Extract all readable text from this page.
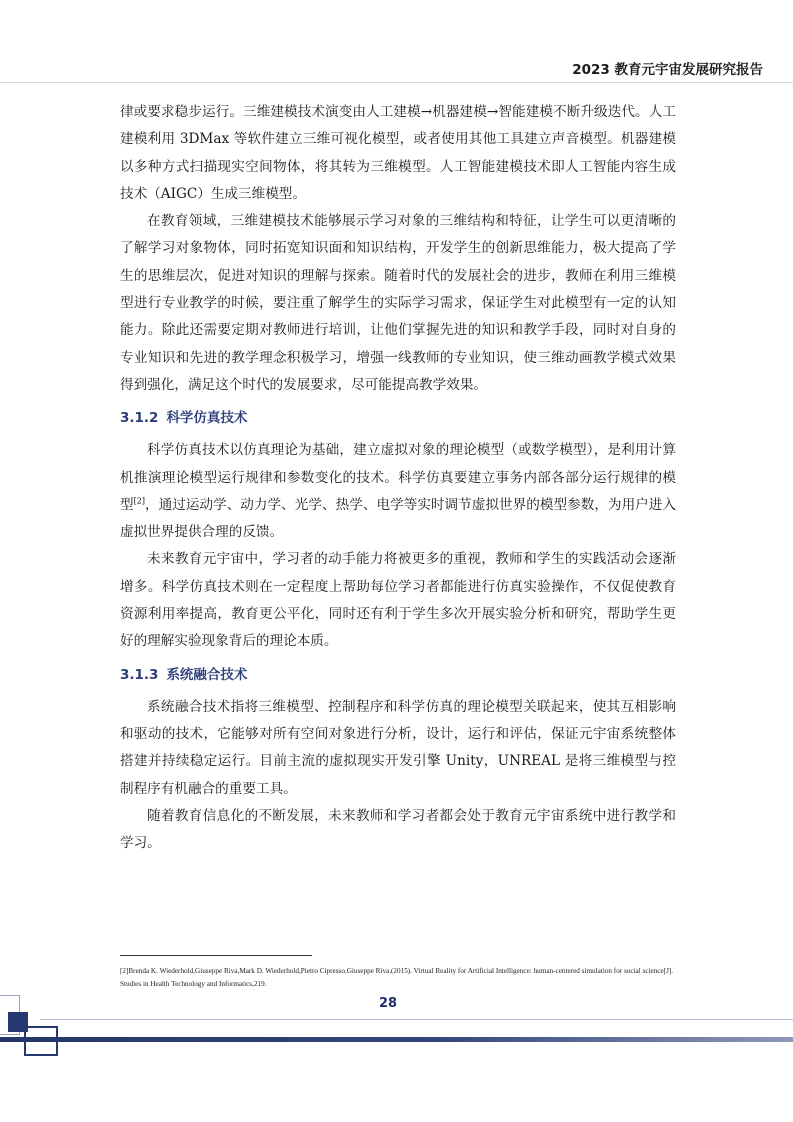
2023 教育元宇宙发展研究报告

律或要求稳步运行。三维建模技术演变由人工建模→机器建模→智能建模不断升级迭代。人工建模利用 3DMax 等软件建立三维可视化模型，或者使用其他工具建立声音模型。机器建模以多种方式扫描现实空间物体，将其转为三维模型。人工智能建模技术即人工智能内容生成技术（AIGC）生成三维模型。

在教育领域，三维建模技术能够展示学习对象的三维结构和特征，让学生可以更清晰的了解学习对象物体，同时拓宽知识面和知识结构，开发学生的创新思维能力，极大提高了学生的思维层次，促进对知识的理解与探索。随着时代的发展社会的进步，教师在利用三维模型进行专业教学的时候，要注重了解学生的实际学习需求，保证学生对此模型有一定的认知能力。除此还需要定期对教师进行培训，让他们掌握先进的知识和教学手段，同时对自身的专业知识和先进的教学理念积极学习，增强一线教师的专业知识，使三维动画教学模式效果得到强化，满足这个时代的发展要求，尽可能提高教学效果。

3.1.2 科学仿真技术

科学仿真技术以仿真理论为基础，建立虚拟对象的理论模型（或数学模型），是利用计算机推演理论模型运行规律和参数变化的技术。科学仿真要建立事务内部各部分运行规律的模型[2]，通过运动学、动力学、光学、热学、电学等实时调节虚拟世界的模型参数，为用户进入虚拟世界提供合理的反馈。

未来教育元宇宙中，学习者的动手能力将被更多的重视，教师和学生的实践活动会逐渐增多。科学仿真技术则在一定程度上帮助每位学习者都能进行仿真实验操作，不仅促使教育资源利用率提高，教育更公平化，同时还有利于学生多次开展实验分析和研究，帮助学生更好的理解实验现象背后的理论本质。

3.1.3 系统融合技术

系统融合技术指将三维模型、控制程序和科学仿真的理论模型关联起来，使其互相影响和驱动的技术，它能够对所有空间对象进行分析，设计，运行和评估，保证元宇宙系统整体搭建并持续稳定运行。目前主流的虚拟现实开发引擎 Unity，UNREAL 是将三维模型与控制程序有机融合的重要工具。

随着教育信息化的不断发展，未来教师和学习者都会处于教育元宇宙系统中进行教学和学习。

[2]Brenda K. Wiederhold,Giuseppe Riva,Mark D. Wiederhold,Pietro Cipresso,Giuseppe Riva.(2015). Virtual Reality for Artificial Intelligence: human-centered simulation for social science[J]. Studies in Health Technology and Informatics,219.
28
